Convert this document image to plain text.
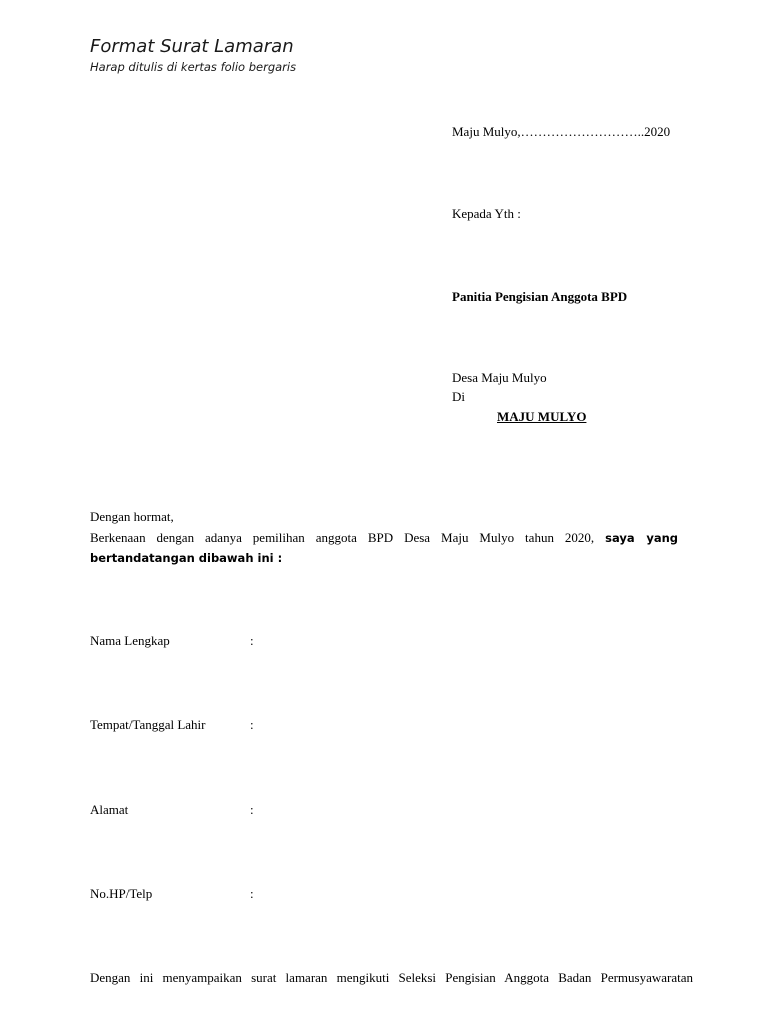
Format Surat Lamaran
Harap ditulis di kertas folio bergaris
Maju Mulyo,………………………..2020
Kepada Yth :
Panitia Pengisian Anggota BPD
Desa Maju Mulyo
Di
MAJU MULYO
Dengan hormat,
Berkenaan dengan adanya pemilihan anggota BPD Desa Maju Mulyo tahun 2020, saya yang
bertandatangan dibawah ini :
Nama Lengkap	:
Tempat/Tanggal Lahir	:
Alamat	:
No.HP/Telp	:
Dengan ini menyampaikan surat lamaran mengikuti Seleksi Pengisian Anggota Badan Permusyawaratan
